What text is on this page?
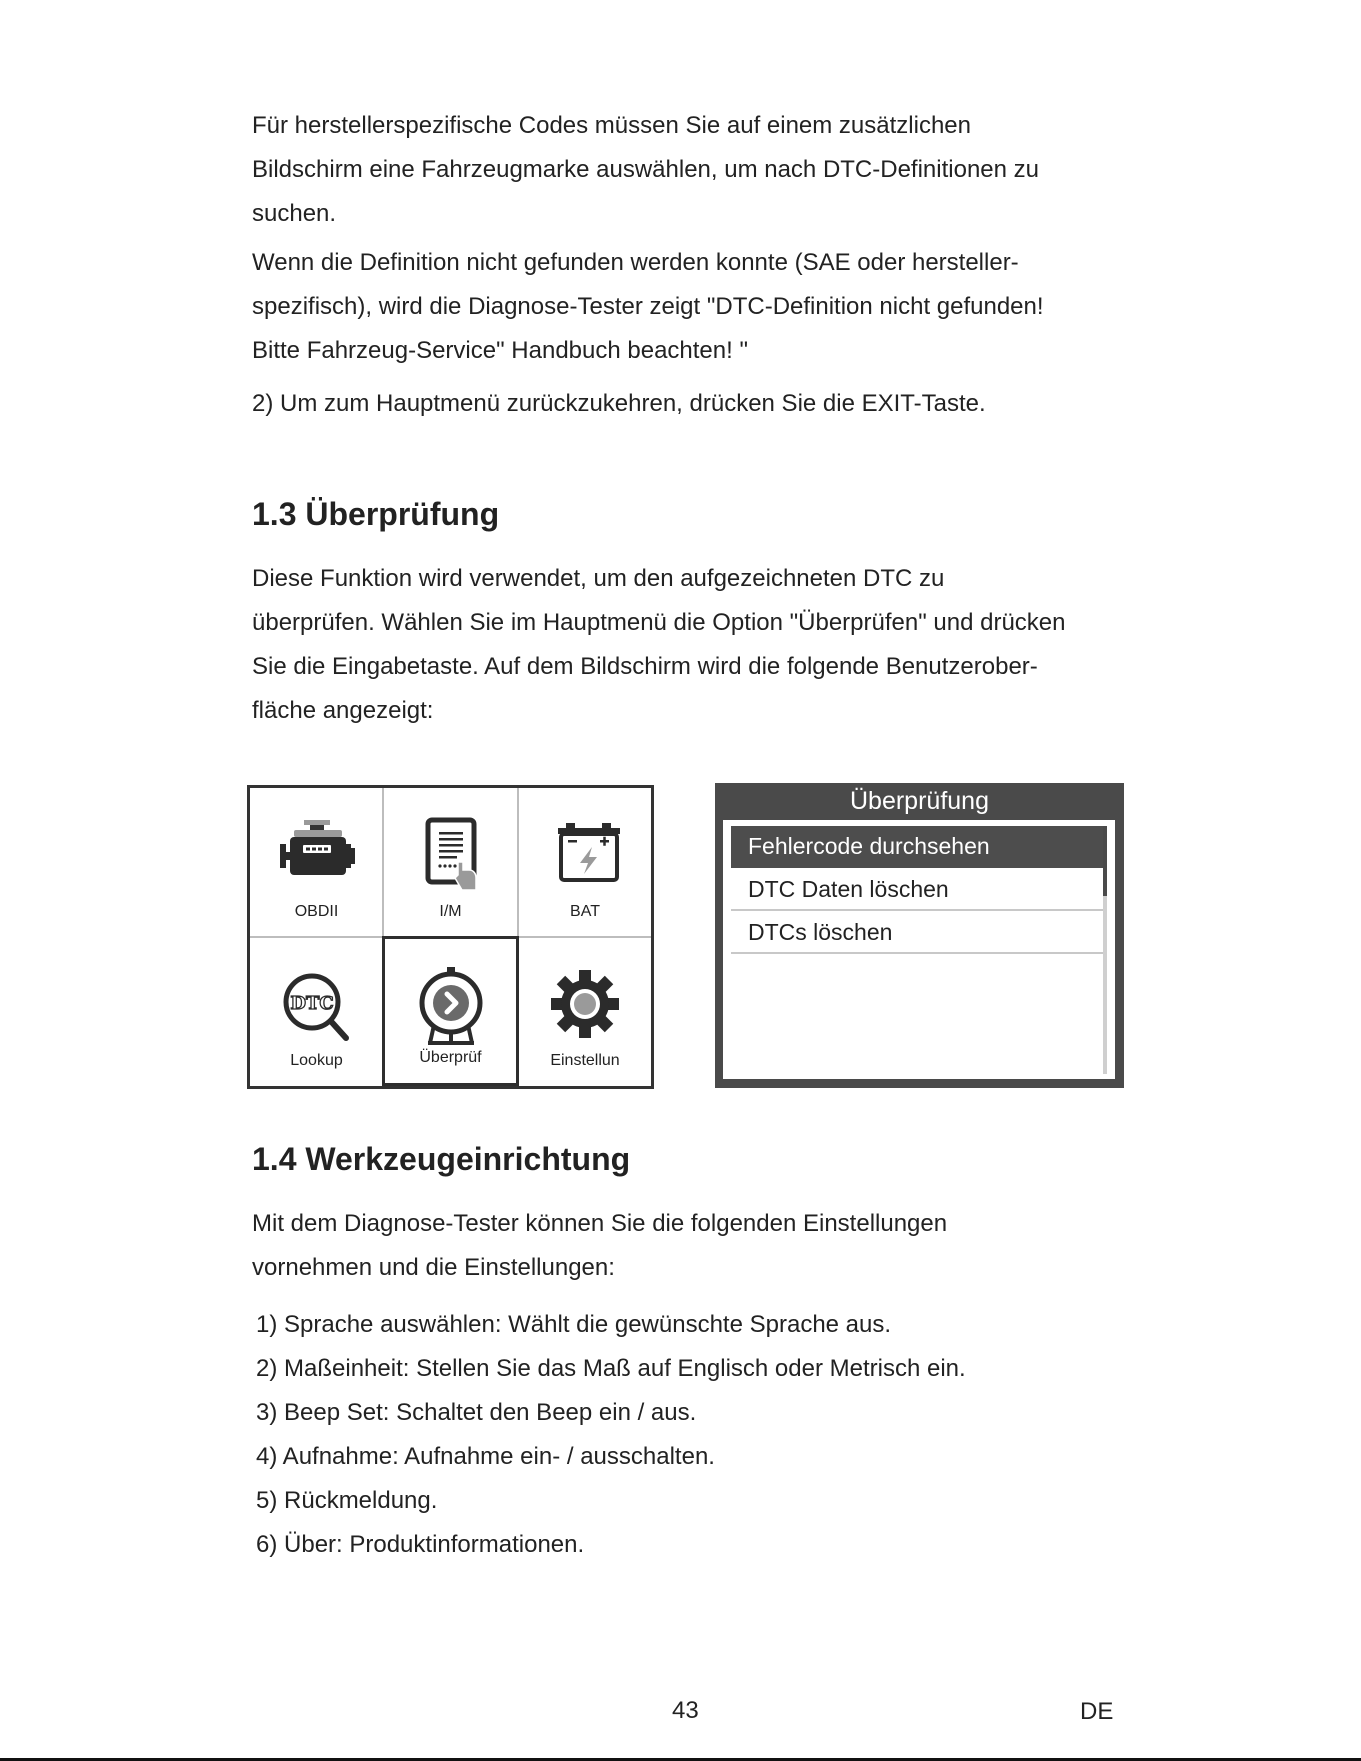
Für herstellerspezifische Codes müssen Sie auf einem zusätzlichen
Bildschirm eine Fahrzeugmarke auswählen, um nach DTC-Definitionen zu
suchen.

Wenn die Definition nicht gefunden werden konnte (SAE oder hersteller-
spezifisch), wird die Diagnose-Tester zeigt "DTC-Definition nicht gefunden!
Bitte Fahrzeug-Service" Handbuch beachten! "

2) Um zum Hauptmenü zurückzukehren, drücken Sie die EXIT-Taste.

1.3 Überprüfung

Diese Funktion wird verwendet, um den aufgezeichneten DTC zu
überprüfen. Wählen Sie im Hauptmenü die Option "Überprüfen" und drücken
Sie die Eingabetaste. Auf dem Bildschirm wird die folgende Benutzerober-
fläche angezeigt:

OBDII	I/M	BAT
DTC
Lookup	Überprüf	Einstellun
Überprüfung
Fehlercode durchsehen
DTC Daten löschen
DTCs löschen
1.4 Werkzeugeinrichtung

Mit dem Diagnose-Tester können Sie die folgenden Einstellungen
vornehmen und die Einstellungen:

1) Sprache auswählen: Wählt die gewünschte Sprache aus.
2) Maßeinheit: Stellen Sie das Maß auf Englisch oder Metrisch ein.
3) Beep Set: Schaltet den Beep ein / aus.
4) Aufnahme: Aufnahme ein- / ausschalten.
5) Rückmeldung.
6) Über: Produktinformationen.
43	DE
